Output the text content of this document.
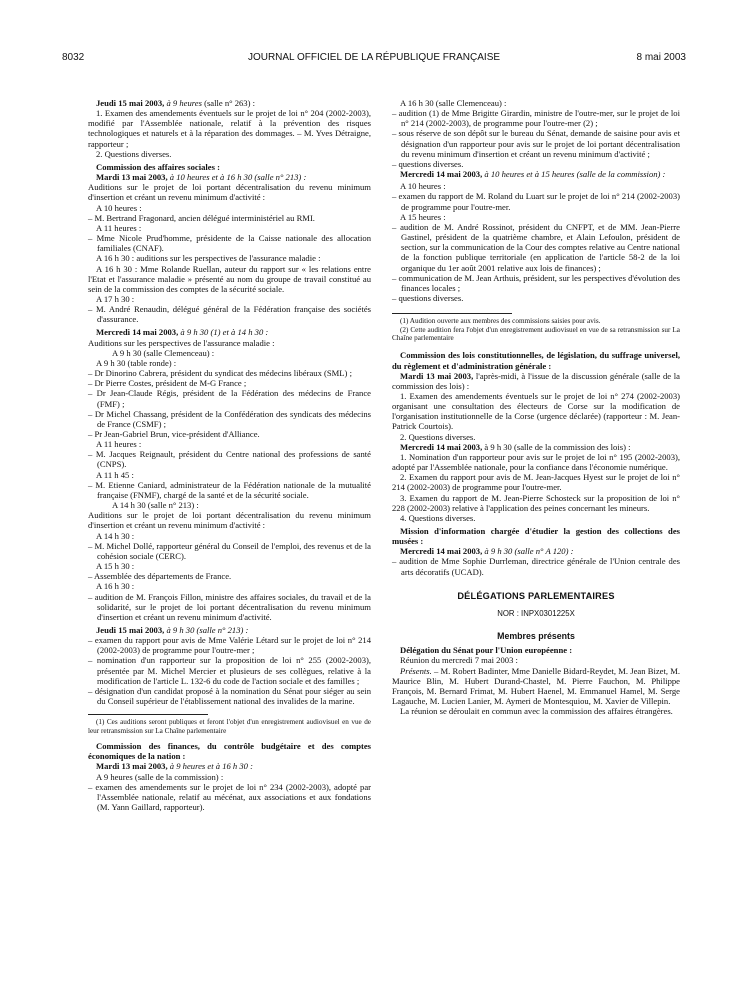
8032	JOURNAL OFFICIEL DE LA RÉPUBLIQUE FRANÇAISE	8 mai 2003

Jeudi 15 mai 2003, à 9 heures (salle n° 263) :

1. Examen des amendements éventuels sur le projet de loi n° 204 (2002-2003), modifié par l'Assemblée nationale, relatif à la prévention des risques technologiques et naturels et à la réparation des dommages. – M. Yves Détraigne, rapporteur ;

2. Questions diverses.

Commission des affaires sociales :

Mardi 13 mai 2003, à 10 heures et à 16 h 30 (salle n° 213) :

Auditions sur le projet de loi portant décentralisation du revenu minimum d'insertion et créant un revenu minimum d'activité :

A 10 heures :

– M. Bertrand Fragonard, ancien délégué interministériel au RMI.

A 11 heures :

– Mme Nicole Prud'homme, présidente de la Caisse nationale des allocation familiales (CNAF).

A 16 h 30 : auditions sur les perspectives de l'assurance maladie :

A 16 h 30 : Mme Rolande Ruellan, auteur du rapport sur « les relations entre l'Etat et l'assurance maladie » présenté au nom du groupe de travail constitué au sein de la commission des comptes de la sécurité sociale.

A 17 h 30 :

– M. André Renaudin, délégué général de la Fédération française des sociétés d'assurance.

Mercredi 14 mai 2003, à 9 h 30 (1) et à 14 h 30 :

Auditions sur les perspectives de l'assurance maladie :

A 9 h 30 (salle Clemenceau) :

A 9 h 30 (table ronde) :

– Dr Dinorino Cabrera, président du syndicat des médecins libéraux (SML) ;

– Dr Pierre Costes, président de M-G France ;

– Dr Jean-Claude Régis, président de la Fédération des médecins de France (FMF) ;

– Dr Michel Chassang, président de la Confédération des syndicats des médecins de France (CSMF) ;

– Pr Jean-Gabriel Brun, vice-président d'Alliance.

A 11 heures :

– M. Jacques Reignault, président du Centre national des professions de santé (CNPS).

A 11 h 45 :

– M. Etienne Caniard, administrateur de la Fédération nationale de la mutualité française (FNMF), chargé de la santé et de la sécurité sociale.

A 14 h 30 (salle n° 213) :

Auditions sur le projet de loi portant décentralisation du revenu minimum d'insertion et créant un revenu minimum d'activité :

A 14 h 30 :

– M. Michel Dollé, rapporteur général du Conseil de l'emploi, des revenus et de la cohésion sociale (CERC).

A 15 h 30 :

– Assemblée des départements de France.

A 16 h 30 :

– audition de M. François Fillon, ministre des affaires sociales, du travail et de la solidarité, sur le projet de loi portant décentralisation du revenu minimum d'insertion et créant un revenu minimum d'activité.

Jeudi 15 mai 2003, à 9 h 30 (salle n° 213) :

– examen du rapport pour avis de Mme Valérie Létard sur le projet de loi n° 214 (2002-2003) de programme pour l'outre-mer ;

– nomination d'un rapporteur sur la proposition de loi n° 255 (2002-2003), présentée par M. Michel Mercier et plusieurs de ses collègues, relative à la modification de l'article L. 132-6 du code de l'action sociale et des familles ;

– désignation d'un candidat proposé à la nomination du Sénat pour siéger au sein du Conseil supérieur de l'établissement national des invalides de la marine.

(1) Ces auditions seront publiques et feront l'objet d'un enregistrement audiovisuel en vue de leur retransmission sur La Chaîne parlementaire

Commission des finances, du contrôle budgétaire et des comptes économiques de la nation :

Mardi 13 mai 2003, à 9 heures et à 16 h 30 :

A 9 heures (salle de la commission) :

– examen des amendements sur le projet de loi n° 234 (2002-2003), adopté par l'Assemblée nationale, relatif au mécénat, aux associations et aux fondations (M. Yann Gaillard, rapporteur).

A 16 h 30 (salle Clemenceau) :

– audition (1) de Mme Brigitte Girardin, ministre de l'outre-mer, sur le projet de loi n° 214 (2002-2003), de programme pour l'outre-mer (2) ;

– sous réserve de son dépôt sur le bureau du Sénat, demande de saisine pour avis et désignation d'un rapporteur pour avis sur le projet de loi portant décentralisation du revenu minimum d'insertion et créant un revenu minimum d'activité ;

– questions diverses.

Mercredi 14 mai 2003, à 10 heures et à 15 heures (salle de la commission) :

A 10 heures :

– examen du rapport de M. Roland du Luart sur le projet de loi n° 214 (2002-2003) de programme pour l'outre-mer.

A 15 heures :

– audition de M. André Rossinot, président du CNFPT, et de MM. Jean-Pierre Gastinel, président de la quatrième chambre, et Alain Lefoulon, président de section, sur la communication de la Cour des comptes relative au Centre national de la fonction publique territoriale (en application de l'article 58-2 de la loi organique du 1er août 2001 relative aux lois de finances) ;

– communication de M. Jean Arthuis, président, sur les perspectives d'évolution des finances locales ;

– questions diverses.

(1) Audition ouverte aux membres des commissions saisies pour avis.

(2) Cette audition fera l'objet d'un enregistrement audiovisuel en vue de sa retransmission sur La Chaîne parlementaire

Commission des lois constitutionnelles, de législation, du suffrage universel, du règlement et d'administration générale :

Mardi 13 mai 2003, l'après-midi, à l'issue de la discussion générale (salle de la commission des lois) :

1. Examen des amendements éventuels sur le projet de loi n° 274 (2002-2003) organisant une consultation des électeurs de Corse sur la modification de l'organisation institutionnelle de la Corse (urgence déclarée) (rapporteur : M. Jean-Patrick Courtois).

2. Questions diverses.

Mercredi 14 mai 2003, à 9 h 30 (salle de la commission des lois) :

1. Nomination d'un rapporteur pour avis sur le projet de loi n° 195 (2002-2003), adopté par l'Assemblée nationale, pour la confiance dans l'économie numérique.

2. Examen du rapport pour avis de M. Jean-Jacques Hyest sur le projet de loi n° 214 (2002-2003) de programme pour l'outre-mer.

3. Examen du rapport de M. Jean-Pierre Schosteck sur la proposition de loi n° 228 (2002-2003) relative à l'application des peines concernant les mineurs.

4. Questions diverses.

Mission d'information chargée d'étudier la gestion des collections des musées :

Mercredi 14 mai 2003, à 9 h 30 (salle n° A 120) :

– audition de Mme Sophie Durrleman, directrice générale de l'Union centrale des arts décoratifs (UCAD).

DÉLÉGATIONS PARLEMENTAIRES
NOR : INPX0301225X
Membres présents

Délégation du Sénat pour l'Union européenne :

Réunion du mercredi 7 mai 2003 :

Présents. – M. Robert Badinter, Mme Danielle Bidard-Reydet, M. Jean Bizet, M. Maurice Blin, M. Hubert Durand-Chastel, M. Pierre Fauchon, M. Philippe François, M. Bernard Frimat, M. Hubert Haenel, M. Emmanuel Hamel, M. Serge Lagauche, M. Lucien Lanier, M. Aymeri de Montesquiou, M. Xavier de Villepin.

La réunion se déroulait en commun avec la commission des affaires étrangères.
